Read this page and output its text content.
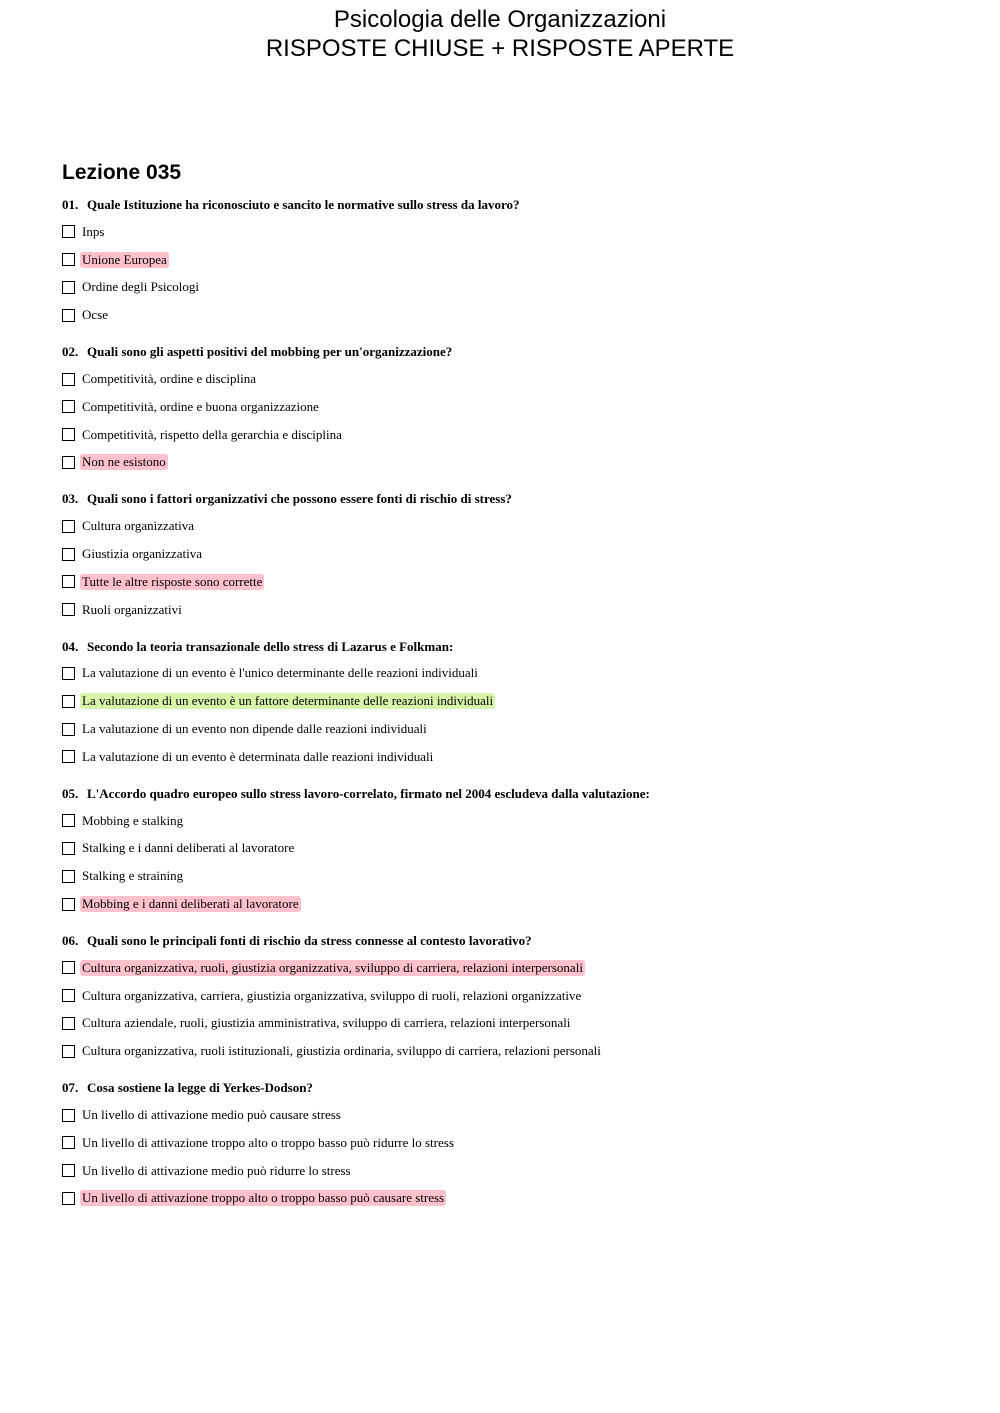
Psicologia delle Organizzazioni
RISPOSTE CHIUSE + RISPOSTE APERTE
Lezione 035
01. Quale Istituzione ha riconosciuto e sancito le normative sullo stress da lavoro?
Inps
Unione Europea
Ordine degli Psicologi
Ocse
02. Quali sono gli aspetti positivi del mobbing per un'organizzazione?
Competitività, ordine e disciplina
Competitività, ordine e buona organizzazione
Competitività, rispetto della gerarchia e disciplina
Non ne esistono
03. Quali sono i fattori organizzativi che possono essere fonti di rischio di stress?
Cultura organizzativa
Giustizia organizzativa
Tutte le altre risposte sono corrette
Ruoli organizzativi
04. Secondo la teoria transazionale dello stress di Lazarus e Folkman:
La valutazione di un evento è l'unico determinante delle reazioni individuali
La valutazione di un evento è un fattore determinante delle reazioni individuali
La valutazione di un evento non dipende dalle reazioni individuali
La valutazione di un evento è determinata dalle reazioni individuali
05. L'Accordo quadro europeo sullo stress lavoro-correlato, firmato nel 2004 escludeva dalla valutazione:
Mobbing e stalking
Stalking e i danni deliberati al lavoratore
Stalking e straining
Mobbing e i danni deliberati al lavoratore
06. Quali sono le principali fonti di rischio da stress connesse al contesto lavorativo?
Cultura organizzativa, ruoli, giustizia organizzativa, sviluppo di carriera, relazioni interpersonali
Cultura organizzativa, carriera, giustizia organizzativa, sviluppo di ruoli, relazioni organizzative
Cultura aziendale, ruoli, giustizia amministrativa, sviluppo di carriera, relazioni interpersonali
Cultura organizzativa, ruoli istituzionali, giustizia ordinaria, sviluppo di carriera, relazioni personali
07. Cosa sostiene la legge di Yerkes-Dodson?
Un livello di attivazione medio può causare stress
Un livello di attivazione troppo alto o troppo basso può ridurre lo stress
Un livello di attivazione medio può ridurre lo stress
Un livello di attivazione troppo alto o troppo basso può causare stress
